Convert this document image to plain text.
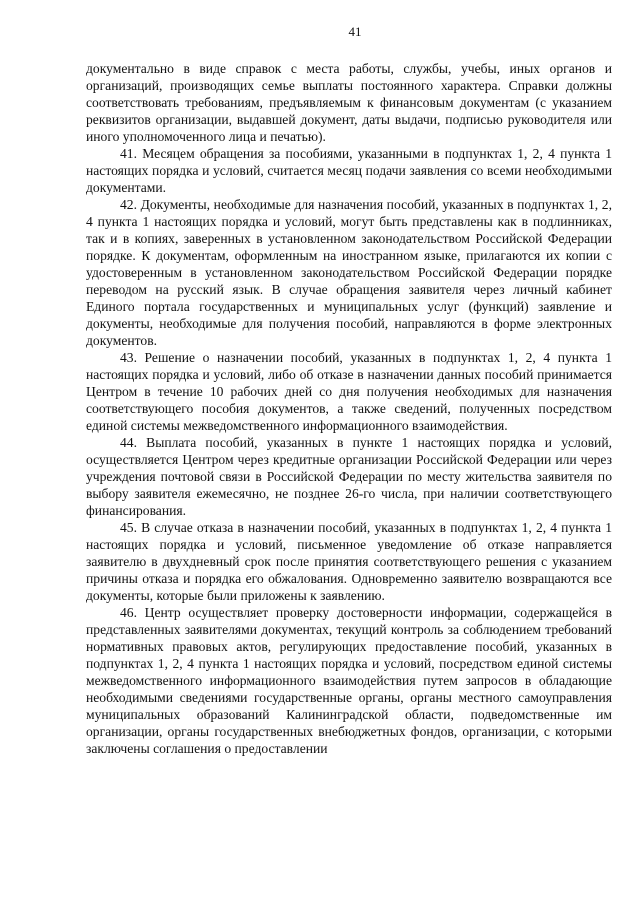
41

документально в виде справок с места работы, службы, учебы, иных органов и организаций, производящих семье выплаты постоянного характера. Справки должны соответствовать требованиям, предъявляемым к финансовым документам (с указанием реквизитов организации, выдавшей документ, даты выдачи, подписью руководителя или иного уполномоченного лица и печатью).

41. Месяцем обращения за пособиями, указанными в подпунктах 1, 2, 4 пункта 1 настоящих порядка и условий, считается месяц подачи заявления со всеми необходимыми документами.

42. Документы, необходимые для назначения пособий, указанных в подпунктах 1, 2, 4 пункта 1 настоящих порядка и условий, могут быть представлены как в подлинниках, так и в копиях, заверенных в установленном законодательством Российской Федерации порядке. К документам, оформленным на иностранном языке, прилагаются их копии с удостоверенным в установленном законодательством Российской Федерации порядке переводом на русский язык. В случае обращения заявителя через личный кабинет Единого портала государственных и муниципальных услуг (функций) заявление и документы, необходимые для получения пособий, направляются в форме электронных документов.

43. Решение о назначении пособий, указанных в подпунктах 1, 2, 4 пункта 1 настоящих порядка и условий, либо об отказе в назначении данных пособий принимается Центром в течение 10 рабочих дней со дня получения необходимых для назначения соответствующего пособия документов, а также сведений, полученных посредством единой системы межведомственного информационного взаимодействия.

44. Выплата пособий, указанных в пункте 1 настоящих порядка и условий, осуществляется Центром через кредитные организации Российской Федерации или через учреждения почтовой связи в Российской Федерации по месту жительства заявителя по выбору заявителя ежемесячно, не позднее 26-го числа, при наличии соответствующего финансирования.

45. В случае отказа в назначении пособий, указанных в подпунктах 1, 2, 4 пункта 1 настоящих порядка и условий, письменное уведомление об отказе направляется заявителю в двухдневный срок после принятия соответствующего решения с указанием причины отказа и порядка его обжалования. Одновременно заявителю возвращаются все документы, которые были приложены к заявлению.

46. Центр осуществляет проверку достоверности информации, содержащейся в представленных заявителями документах, текущий контроль за соблюдением требований нормативных правовых актов, регулирующих предоставление пособий, указанных в подпунктах 1, 2, 4 пункта 1 настоящих порядка и условий, посредством единой системы межведомственного информационного взаимодействия путем запросов в обладающие необходимыми сведениями государственные органы, органы местного самоуправления муниципальных образований Калининградской области, подведомственные им организации, органы государственных внебюджетных фондов, организации, с которыми заключены соглашения о предоставлении
